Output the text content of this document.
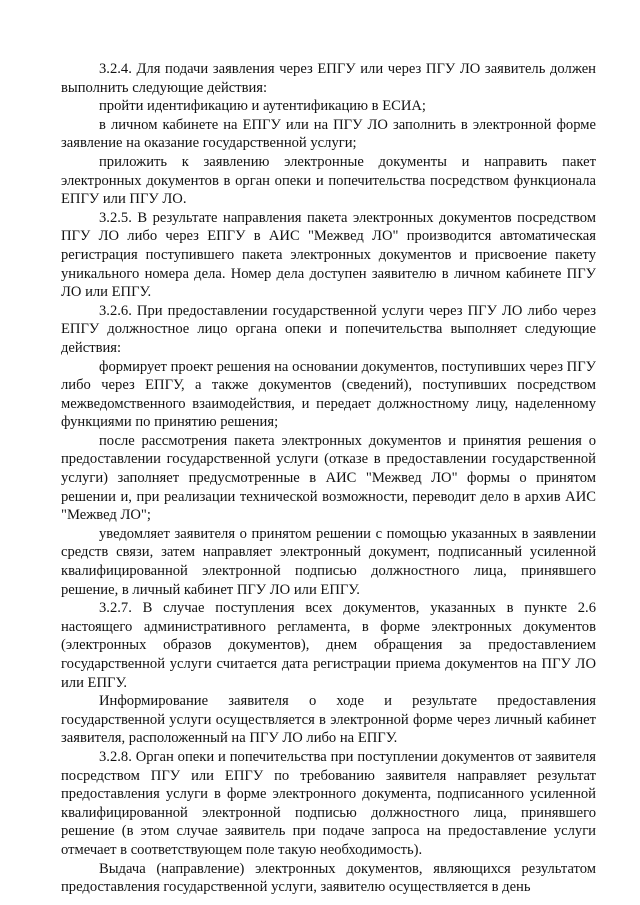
3.2.4. Для подачи заявления через ЕПГУ или через ПГУ ЛО заявитель должен выполнить следующие действия:

пройти идентификацию и аутентификацию в ЕСИА;

в личном кабинете на ЕПГУ или на ПГУ ЛО заполнить в электронной форме заявление на оказание государственной услуги;

приложить к заявлению электронные документы и направить пакет электронных документов в орган опеки и попечительства посредством функционала ЕПГУ или ПГУ ЛО.

3.2.5. В результате направления пакета электронных документов посредством ПГУ ЛО либо через ЕПГУ в АИС "Межвед ЛО" производится автоматическая регистрация поступившего пакета электронных документов и присвоение пакету уникального номера дела. Номер дела доступен заявителю в личном кабинете ПГУ ЛО или ЕПГУ.

3.2.6. При предоставлении государственной услуги через ПГУ ЛО либо через ЕПГУ должностное лицо органа опеки и попечительства выполняет следующие действия:

формирует проект решения на основании документов, поступивших через ПГУ либо через ЕПГУ, а также документов (сведений), поступивших посредством межведомственного взаимодействия, и передает должностному лицу, наделенному функциями по принятию решения;

после рассмотрения пакета электронных документов и принятия решения о предоставлении государственной услуги (отказе в предоставлении государственной услуги) заполняет предусмотренные в АИС "Межвед ЛО" формы о принятом решении и, при реализации технической возможности, переводит дело в архив АИС "Межвед ЛО";

уведомляет заявителя о принятом решении с помощью указанных в заявлении средств связи, затем направляет электронный документ, подписанный усиленной квалифицированной электронной подписью должностного лица, принявшего решение, в личный кабинет ПГУ ЛО или ЕПГУ.

3.2.7. В случае поступления всех документов, указанных в пункте 2.6 настоящего административного регламента, в форме электронных документов (электронных образов документов), днем обращения за предоставлением государственной услуги считается дата регистрации приема документов на ПГУ ЛО или ЕПГУ.

Информирование заявителя о ходе и результате предоставления государственной услуги осуществляется в электронной форме через личный кабинет заявителя, расположенный на ПГУ ЛО либо на ЕПГУ.

3.2.8. Орган опеки и попечительства при поступлении документов от заявителя посредством ПГУ или ЕПГУ по требованию заявителя направляет результат предоставления услуги в форме электронного документа, подписанного усиленной квалифицированной электронной подписью должностного лица, принявшего решение (в этом случае заявитель при подаче запроса на предоставление услуги отмечает в соответствующем поле такую необходимость).

Выдача (направление) электронных документов, являющихся результатом предоставления государственной услуги, заявителю осуществляется в день
